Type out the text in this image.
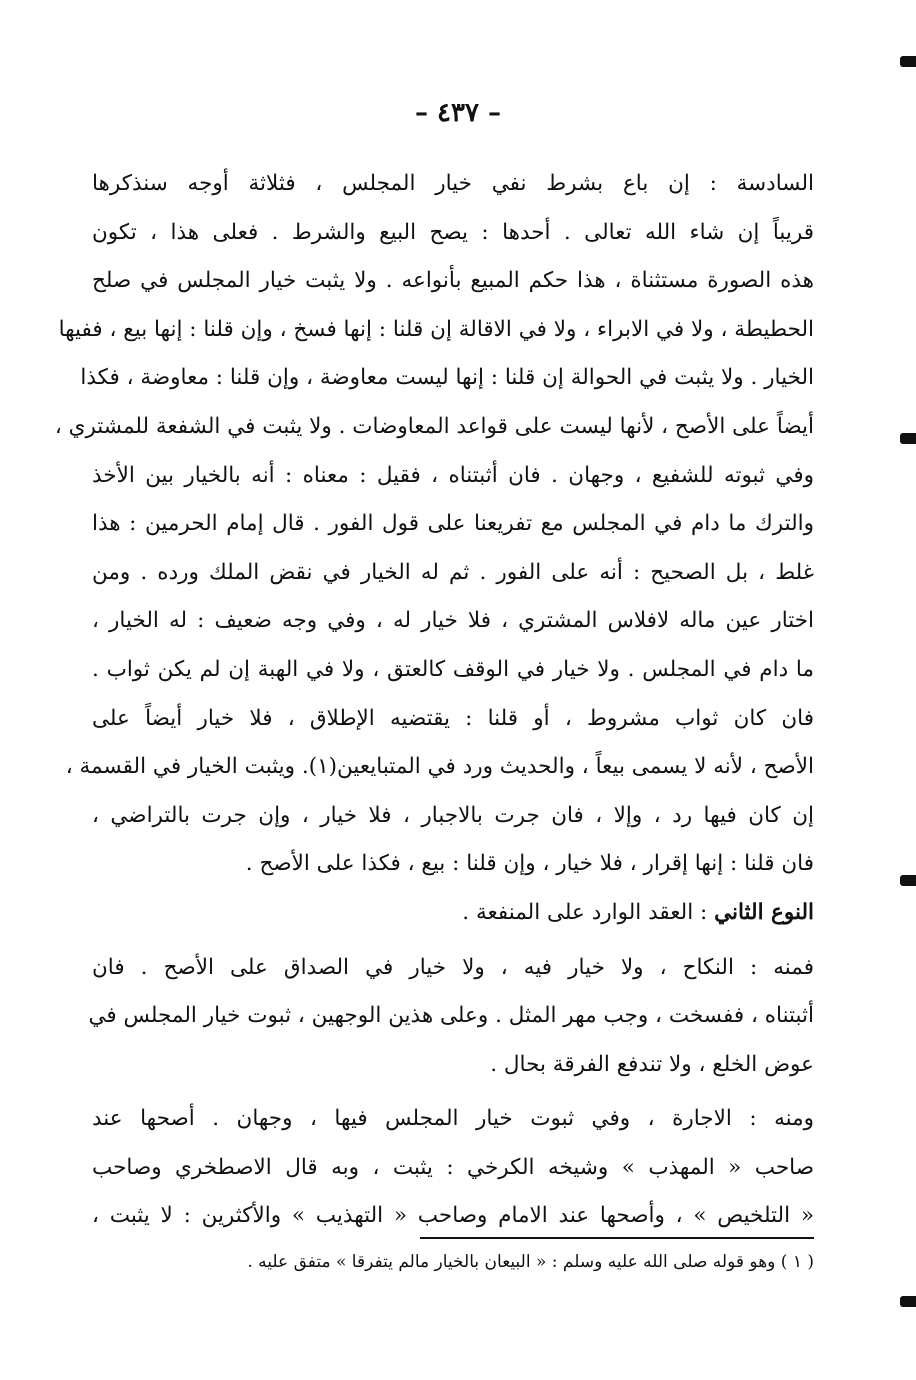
– ٤٣٧ –
السادسة : إن باع بشرط نفي خيار المجلس ، فثلاثة أوجه سنذكرها
قريباً إن شاء الله تعالى . أحدها : يصح البيع والشرط . فعلى هذا ، تكون
هذه الصورة مستثناة ، هذا حكم المبيع بأنواعه . ولا يثبت خيار المجلس في صلح
الحطيطة ، ولا في الابراء ، ولا في الاقالة إن قلنا : إنها فسخ ، وإن قلنا : إنها بيع ، ففيها
الخيار . ولا يثبت في الحوالة إن قلنا : إنها ليست معاوضة ، وإن قلنا : معاوضة ، فكذا
أيضاً على الأصح ، لأنها ليست على قواعد المعاوضات . ولا يثبت في الشفعة للمشتري ،
وفي ثبوته للشفيع ، وجهان . فان أثبتناه ، فقيل : معناه : أنه بالخيار بين الأخذ
والترك ما دام في المجلس مع تفريعنا على قول الفور . قال إمام الحرمين : هذا
غلط ، بل الصحيح : أنه على الفور . ثم له الخيار في نقض الملك ورده . ومن
اختار عين ماله لافلاس المشتري ، فلا خيار له ، وفي وجه ضعيف : له الخيار ،
ما دام في المجلس . ولا خيار في الوقف كالعتق ، ولا في الهبة إن لم يكن ثواب .
فان كان ثواب مشروط ، أو قلنا : يقتضيه الإطلاق ، فلا خيار أيضاً على
الأصح ، لأنه لا يسمى بيعاً ، والحديث ورد في المتبايعين(١). ويثبت الخيار في القسمة ،
إن كان فيها رد ، وإلا ، فان جرت بالاجبار ، فلا خيار ، وإن جرت بالتراضي ،
فان قلنا : إنها إقرار ، فلا خيار ، وإن قلنا : بيع ، فكذا على الأصح .
النوع الثاني : العقد الوارد على المنفعة .
فمنه : النكاح ، ولا خيار فيه ، ولا خيار في الصداق على الأصح . فان
أثبتناه ، ففسخت ، وجب مهر المثل . وعلى هذين الوجهين ، ثبوت خيار المجلس في
عوض الخلع ، ولا تندفع الفرقة بحال .
ومنه : الاجارة ، وفي ثبوت خيار المجلس فيها ، وجهان . أصحها عند
صاحب « المهذب » وشيخه الكرخي : يثبت ، وبه قال الاصطخري وصاحب
« التلخيص » ، وأصحها عند الامام وصاحب « التهذيب » والأكثرين : لا يثبت ،
( ١ ) وهو قوله صلى الله عليه وسلم : « البيعان بالخيار مالم يتفرقا » متفق عليه .
